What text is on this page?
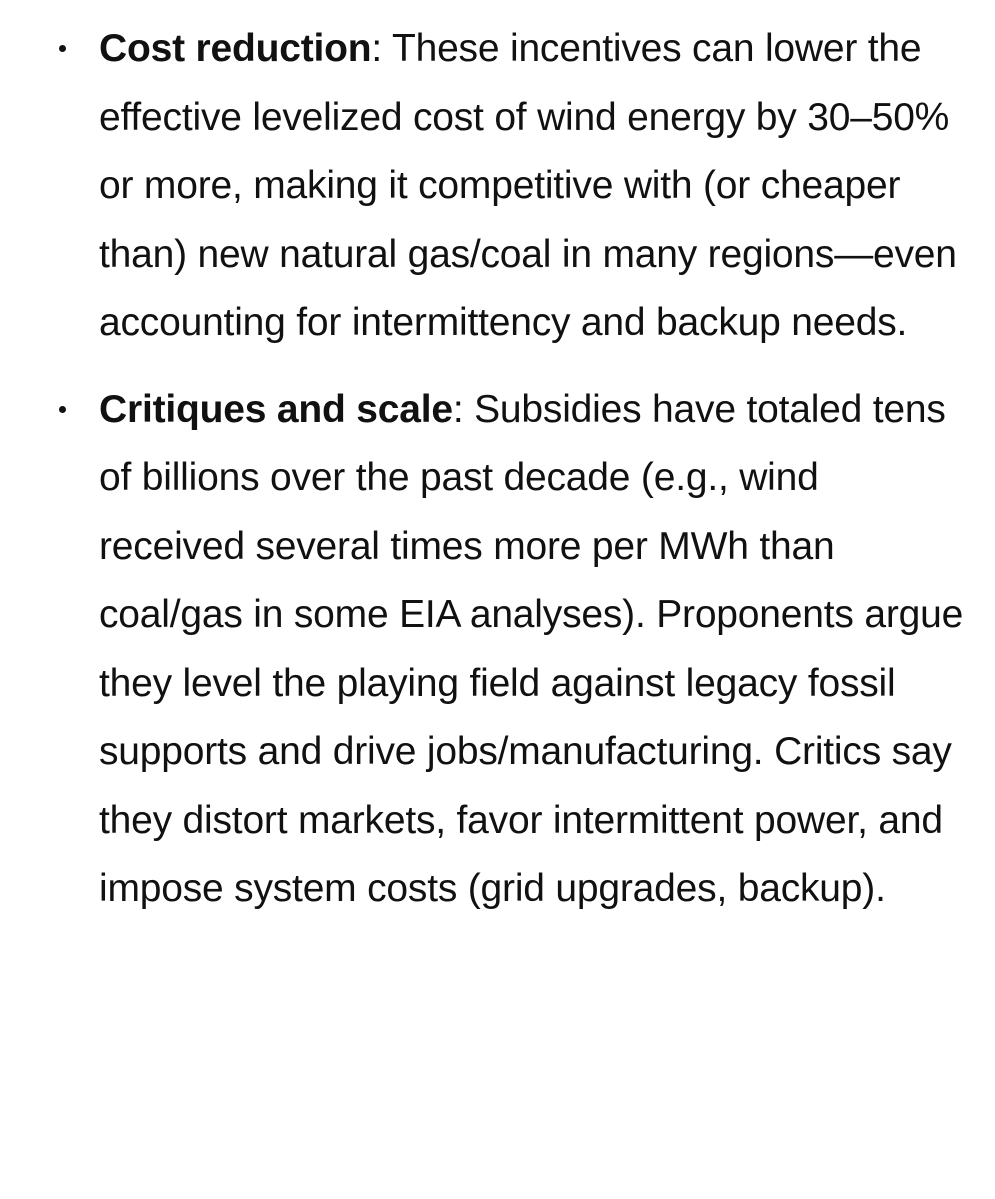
Cost reduction: These incentives can lower the effective levelized cost of wind energy by 30–50% or more, making it competitive with (or cheaper than) new natural gas/coal in many regions—even accounting for intermittency and backup needs.
Critiques and scale: Subsidies have totaled tens of billions over the past decade (e.g., wind received several times more per MWh than coal/gas in some EIA analyses). Proponents argue they level the playing field against legacy fossil supports and drive jobs/manufacturing. Critics say they distort markets, favor intermittent power, and impose system costs (grid upgrades, backup).
